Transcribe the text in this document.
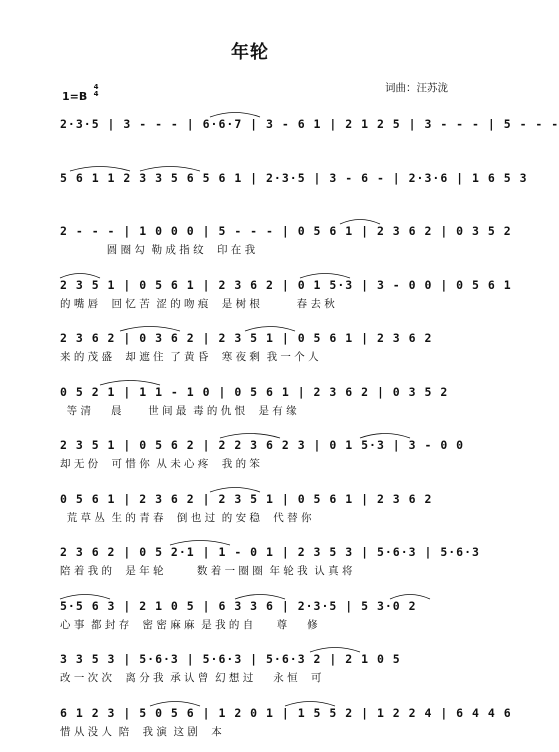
年轮
词曲：汪苏泷
1=B
4
4
2·3·5 | 3 - - - | 6·6·7 | 3 - 6 1 | 2 1 2 5 | 3 - - - | 5 - - -
5 6 1 1 2 3 3 5 6 5 6 1 | 2·3·5 | 3 - 6 - | 2·3·6 | 1 6 5 3
2 - - - | 1 0 0 0 | 5 - - - | 0 5 6 1 | 2 3 6 2 | 0 3 5 2
圆 圈 勾  勒 成 指 纹    印 在 我
2 3 5 1 | 0 5 6 1 | 2 3 6 2 | 0 1 5·3 | 3 - 0 0 | 0 5 6 1
的 嘴 唇    回 忆 苦  涩 的 吻 痕    是 树 根           春 去 秋
2 3 6 2 | 0 3 6 2 | 2 3 5 1 | 0 5 6 1 | 2 3 6 2
来 的 茂 盛    却 遮 住  了 黄 昏    寒 夜 剩  我 一 个 人
0 5 2 1 | 1 1 - 1 0 | 0 5 6 1 | 2 3 6 2 | 0 3 5 2
等 清      晨        世 间 最  毒 的 仇 恨    是 有 缘
2 3 5 1 | 0 5 6 2 | 2 2 3 6 2 3 | 0 1 5·3 | 3 - 0 0
却 无 份    可 惜 你  从 未 心 疼    我 的 笨
0 5 6 1 | 2 3 6 2 | 2 3 5 1 | 0 5 6 1 | 2 3 6 2
荒 草 丛  生 的 青 春    倒 也 过  的 安 稳    代 替 你
2 3 6 2 | 0 5 2·1 | 1 - 0 1 | 2 3 5 3 | 5·6·3 | 5·6·3
陪 着 我 的    是 年 轮          数 着 一 圈 圈  年 轮 我  认 真 将
5·5 6 3 | 2 1 0 5 | 6 3 3 6 | 2·3·5 | 5 3·0 2
心 事  都 封 存    密 密 麻 麻  是 我 的 自       尊      修
3 3 5 3 | 5·6·3 | 5·6·3 | 5·6·3 2 | 2 1 0 5
改 一 次 次    离 分 我  承 认 曾  幻 想 过      永 恒    可
6 1 2 3 | 5 0 5 6 | 1 2 0 1 | 1 5 5 2 | 1 2 2 4 | 6 4 4 6
惜 从 没 人  陪    我 演  这 剧    本
